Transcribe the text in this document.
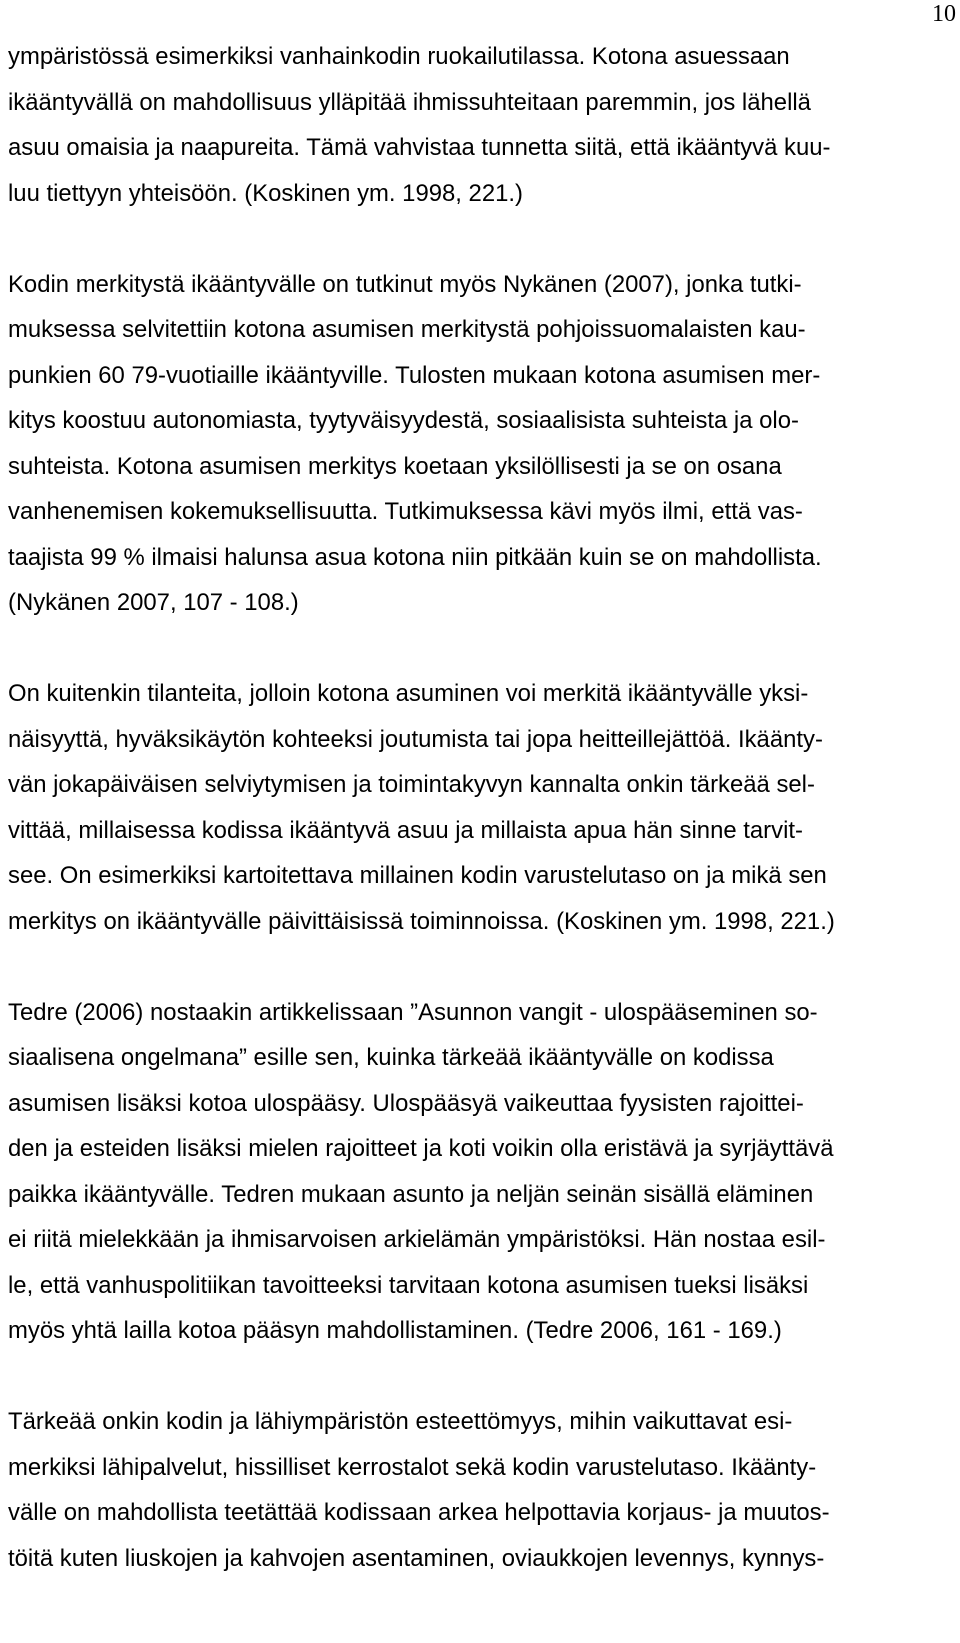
10
ympäristössä esimerkiksi vanhainkodin ruokailutilassa. Kotona asuessaan
ikääntyvällä on mahdollisuus ylläpitää ihmissuhteitaan paremmin, jos lähellä
asuu omaisia ja naapureita. Tämä vahvistaa tunnetta siitä, että ikääntyvä kuu-
luu tiettyyn yhteisöön. (Koskinen ym. 1998, 221.)
Kodin merkitystä ikääntyvälle on tutkinut myös Nykänen (2007), jonka tutki-
muksessa selvitettiin kotona asumisen merkitystä pohjoissuomalaisten kau-
punkien 60 79-vuotiaille ikääntyville. Tulosten mukaan kotona asumisen mer-
kitys koostuu autonomiasta, tyytyväisyydestä, sosiaalisista suhteista ja olo-
suhteista. Kotona asumisen merkitys koetaan yksilöllisesti ja se on osana
vanhenemisen kokemuksellisuutta. Tutkimuksessa kävi myös ilmi, että vas-
taajista 99 % ilmaisi halunsa asua kotona niin pitkään kuin se on mahdollista.
(Nykänen 2007, 107 - 108.)
On kuitenkin tilanteita, jolloin kotona asuminen voi merkitä ikääntyvälle yksi-
näisyyttä, hyväksikäytön kohteeksi joutumista tai jopa heitteillejättöä. Ikäänty-
vän jokapäiväisen selviytymisen ja toimintakyvyn kannalta onkin tärkeää sel-
vittää, millaisessa kodissa ikääntyvä asuu ja millaista apua hän sinne tarvit-
see. On esimerkiksi kartoitettava millainen kodin varustelutaso on ja mikä sen
merkitys on ikääntyvälle päivittäisissä toiminnoissa. (Koskinen ym. 1998, 221.)
Tedre (2006) nostaakin artikkelissaan ”Asunnon vangit - ulospääseminen so-
siaalisena ongelmana” esille sen, kuinka tärkeää ikääntyvälle on kodissa
asumisen lisäksi kotoa ulospääsy. Ulospääsyä vaikeuttaa fyysisten rajoittei-
den ja esteiden lisäksi mielen rajoitteet ja koti voikin olla eristävä ja syrjäyttävä
paikka ikääntyvälle. Tedren mukaan asunto ja neljän seinän sisällä eläminen
ei riitä mielekkään ja ihmisarvoisen arkielämän ympäristöksi. Hän nostaa esil-
le, että vanhuspolitiikan tavoitteeksi tarvitaan kotona asumisen tueksi lisäksi
myös yhtä lailla kotoa pääsyn mahdollistaminen. (Tedre 2006, 161 - 169.)
Tärkeää onkin kodin ja lähiympäristön esteettömyys, mihin vaikuttavat esi-
merkiksi lähipalvelut, hissilliset kerrostalot sekä kodin varustelutaso. Ikäänty-
välle on mahdollista teetättää kodissaan arkea helpottavia korjaus- ja muutos-
töitä kuten liuskojen ja kahvojen asentaminen, oviaukkojen levennys, kynnys-
